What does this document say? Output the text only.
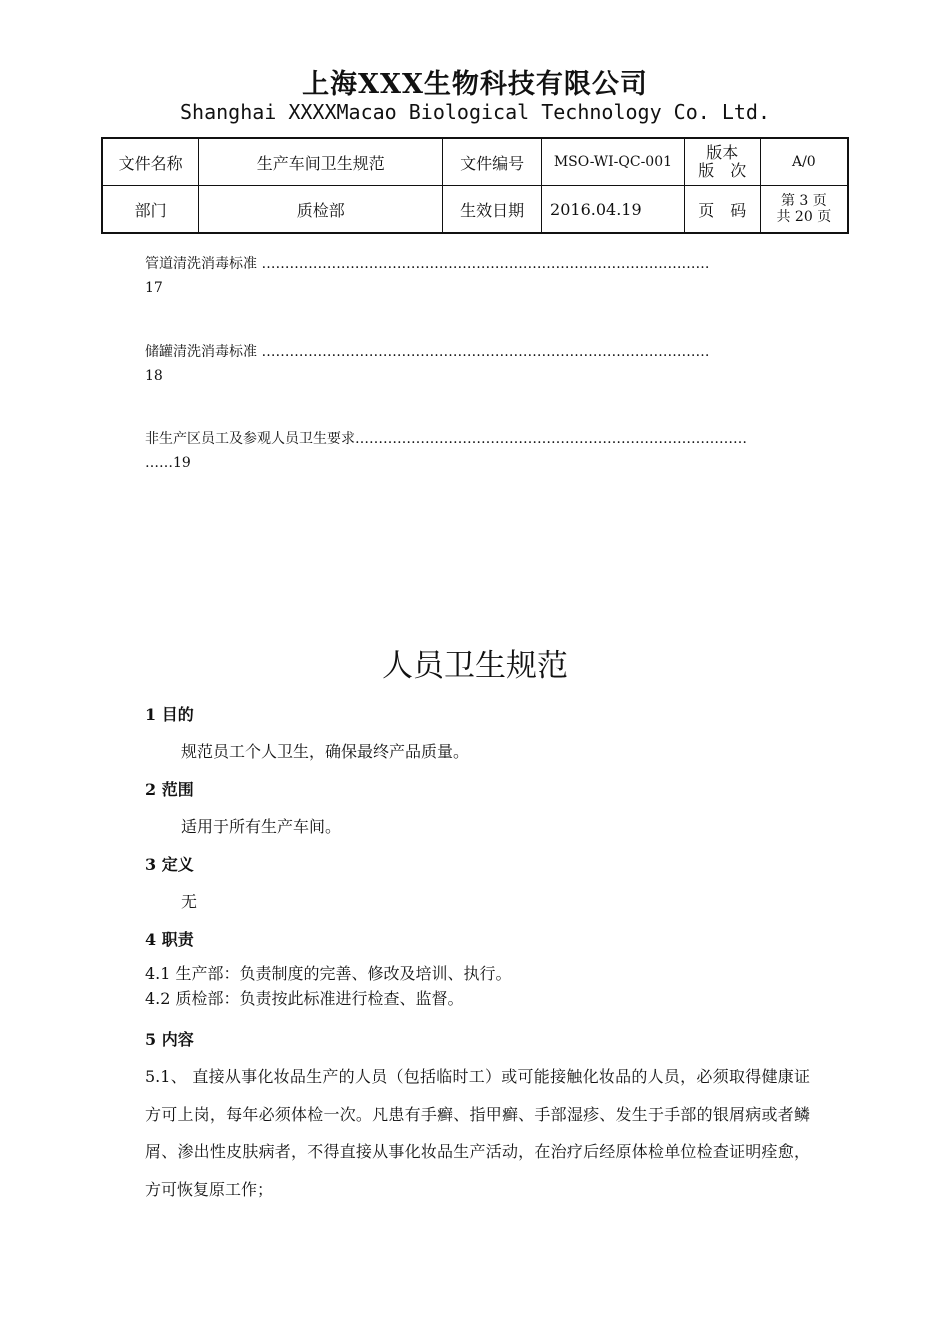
上海XXX生物科技有限公司
Shanghai XXXXMacao Biological Technology Co. Ltd.
文件名称	生产车间卫生规范	文件编号	MSO-WI-QC-001	版本
版　次	A/0
部门	质检部	生效日期	2016.04.19	页　码	第 3 页
共 20 页
管道清洗消毒标准 ……………………………………………………………………………………
17
储罐清洗消毒标准 ……………………………………………………………………………………
18
非生产区员工及参观人员卫生要求…………………………………………………………………………
……19
人员卫生规范
1 目的
规范员工个人卫生，确保最终产品质量。
2 范围
适用于所有生产车间。
3 定义
无
4 职责
4.1 生产部：负责制度的完善、修改及培训、执行。
4.2 质检部：负责按此标准进行检查、监督。
5 内容
5.1、 直接从事化妆品生产的人员（包括临时工）或可能接触化妆品的人员，必须取得健康证方可上岗，每年必须体检一次。凡患有手癣、指甲癣、手部湿疹、发生于手部的银屑病或者鳞屑、渗出性皮肤病者，不得直接从事化妆品生产活动，在治疗后经原体检单位检查证明痊愈，方可恢复原工作；
